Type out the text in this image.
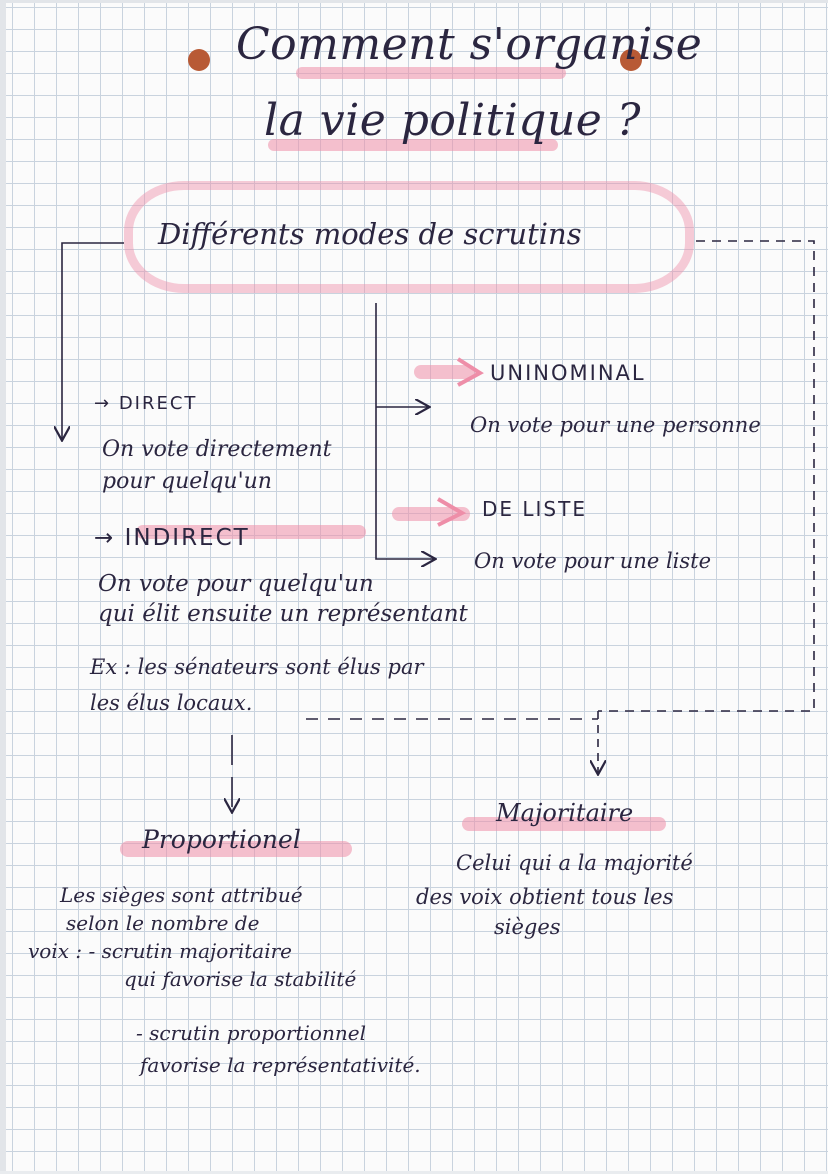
Comment s'organise
la vie politique ?
Différents modes de scrutins
→ DIRECT
On vote directement
pour quelqu'un
→ INDIRECT
On vote pour quelqu'un
qui élit ensuite un représentant
Ex : les sénateurs sont élus par
les élus locaux.
UNINOMINAL
On vote pour une personne
DE LISTE
On vote pour une liste
Proportionel
Les sièges sont attribué
selon le nombre de
voix : - scrutin majoritaire
qui favorise la stabilité
- scrutin proportionnel
favorise la représentativité.
Majoritaire
Celui qui a la majorité
des voix obtient tous les
sièges
